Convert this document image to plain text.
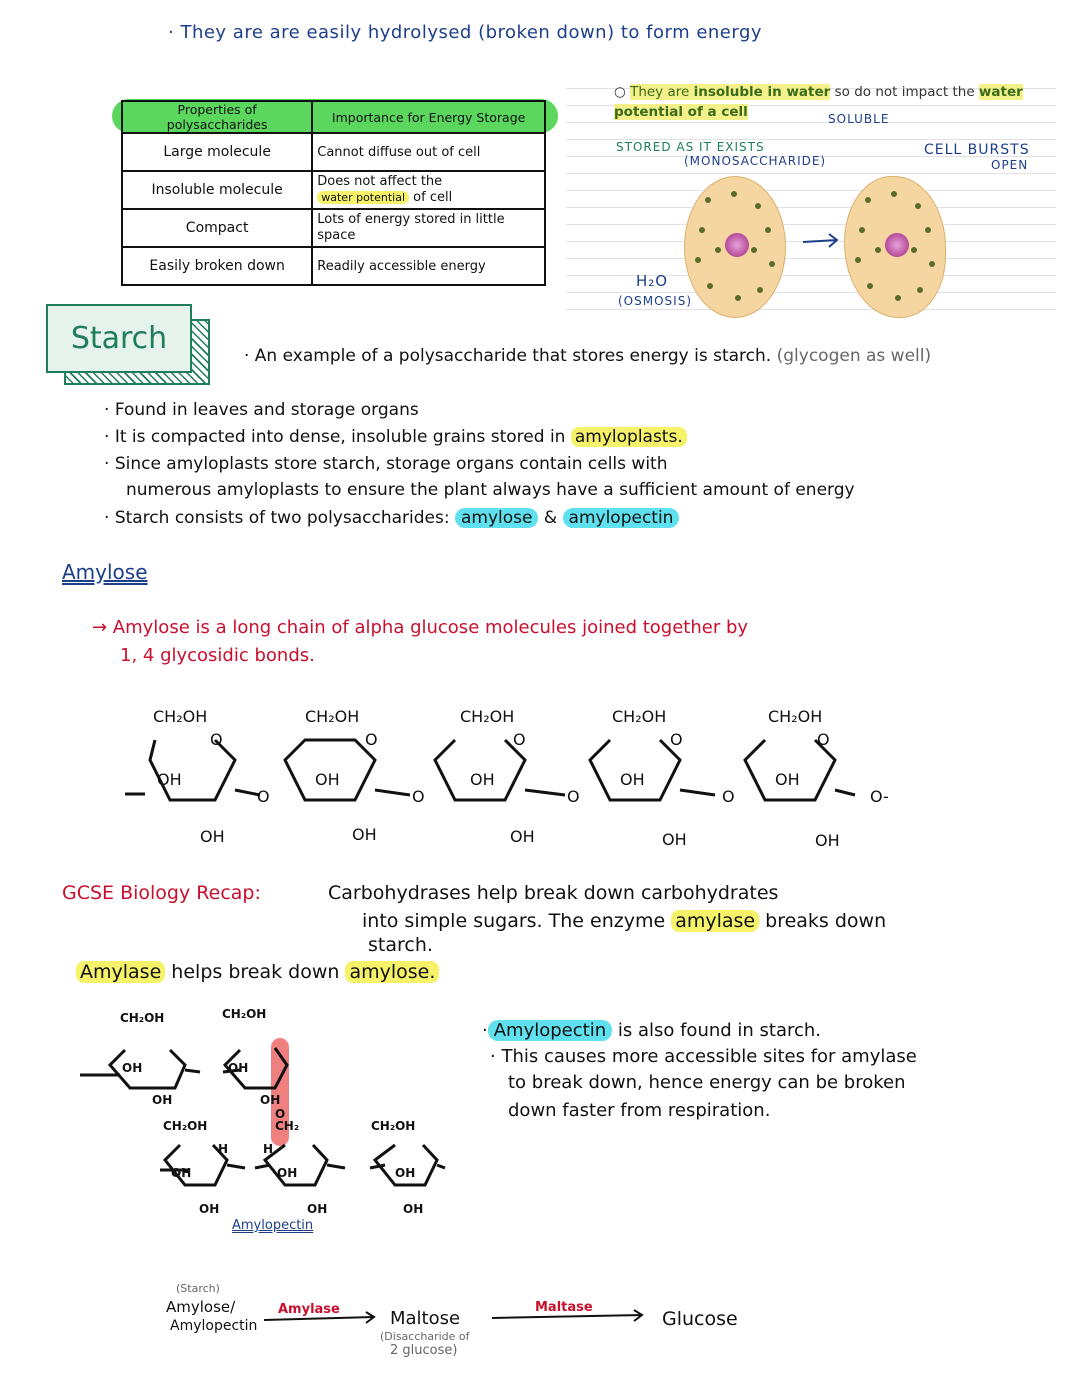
· They are are easily hydrolysed (broken down) to form energy
Properties of polysaccharides	Importance for Energy Storage
Large molecule	Cannot diffuse out of cell
Insoluble molecule	Does not affect the
water potential of cell
Compact	Lots of energy stored in little space
Easily broken down	Readily accessible energy
○ They are insoluble in water so do not impact the water potential of a cell	SOLUBLE
STORED AS IT EXISTS
(MONOSACCHARIDE)
CELL BURSTS
OPEN
H₂O
(OSMOSIS)
Starch	· An example of a polysaccharide that stores energy is starch. (glycogen as well)
· Found in leaves and storage organs
· It is compacted into dense, insoluble grains stored in amyloplasts.
· Since amyloplasts store starch, storage organs contain cells with
numerous amyloplasts to ensure the plant always have a sufficient amount of energy
· Starch consists of two polysaccharides: amylose & amylopectin
Amylose
→ Amylose is a long chain of alpha glucose molecules joined together by
1, 4 glycosidic bonds.
CH₂OH
O
OH
OH
O
CH₂OH
O
OH
OH
O
CH₂OH
O
OH
OH
O
CH₂OH
O
OH
OH
O
CH₂OH
O
OH
OH
O-
GCSE Biology Recap:	Carbohydrases help break down carbohydrates
into simple sugars. The enzyme amylase breaks down
starch.
Amylase helps break down amylose.
CH₂OH	CH₂OH
OH	OH
OH	OH
CH₂OH	CH₂	CH₂OH
OH	OH	OH
OH	OH	OH
O
H	H
Amylopectin
· Amylopectin is also found in starch.
· This causes more accessible sites for amylase
to break down, hence energy can be broken
down faster from respiration.
(Starch)
Amylose/
Amylopectin
Amylase	Maltose
(Disaccharide of
2 glucose)
Maltase
Glucose
